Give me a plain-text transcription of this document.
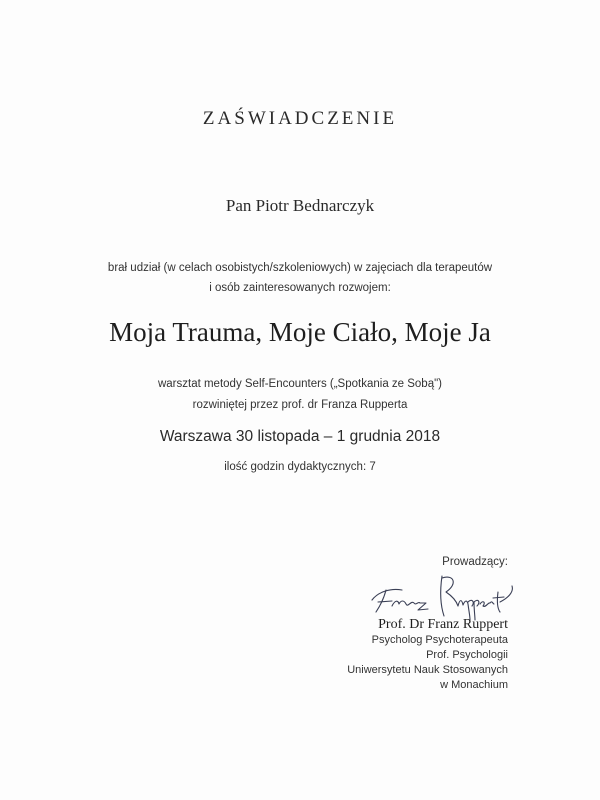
ZAŚWIADCZENIE
Pan Piotr Bednarczyk
brał udział (w celach osobistych/szkoleniowych) w zajęciach dla terapeutów
i osób zainteresowanych rozwojem:
Moja Trauma, Moje Ciało, Moje Ja
warsztat metody Self-Encounters („Spotkania ze Sobą")
rozwiniętej przez prof. dr Franza Rupperta
Warszawa 30 listopada – 1 grudnia 2018
ilość godzin dydaktycznych: 7
Prowadzący:
Prof. Dr Franz Ruppert
Psycholog Psychoterapeuta
Prof. Psychologii
Uniwersytetu Nauk Stosowanych
w Monachium
